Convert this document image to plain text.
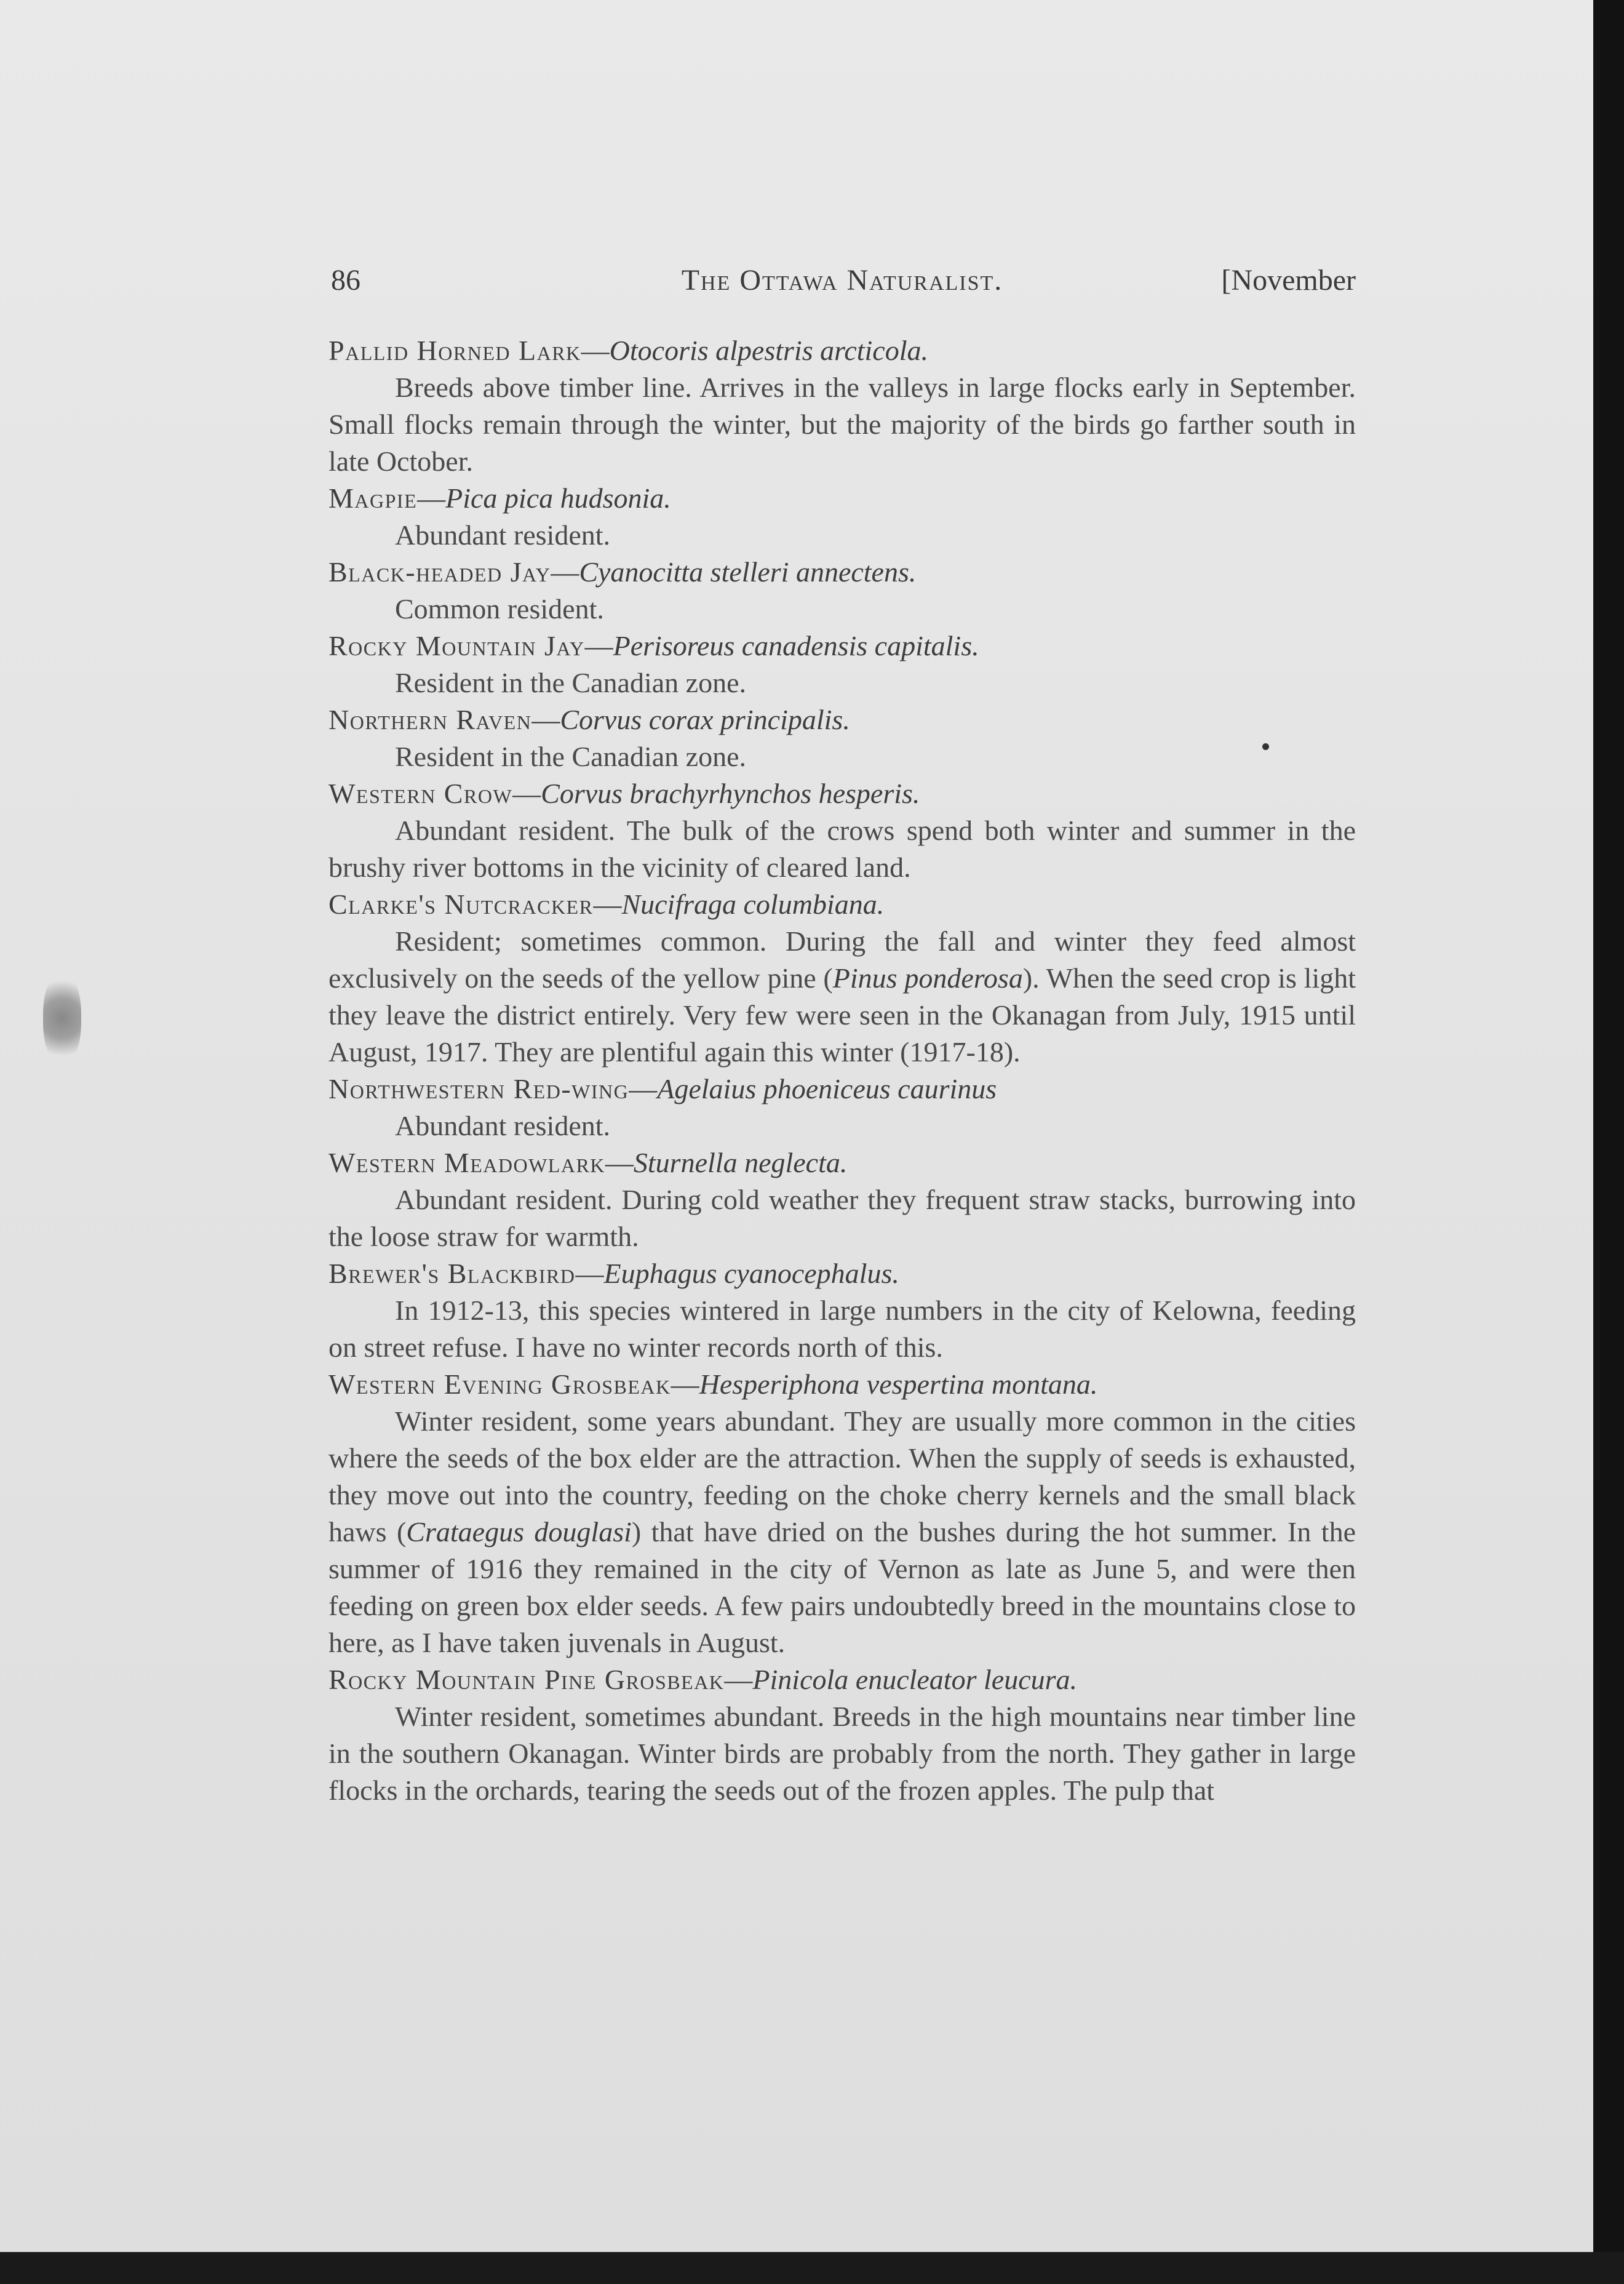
86	The Ottawa Naturalist.	[November

Pallid Horned Lark—Otocoris alpestris arcticola.

Breeds above timber line. Arrives in the valleys in large flocks early in September. Small flocks remain through the winter, but the majority of the birds go farther south in late October.

Magpie—Pica pica hudsonia.

Abundant resident.

Black-headed Jay—Cyanocitta stelleri annectens.

Common resident.

Rocky Mountain Jay—Perisoreus canadensis capitalis.

Resident in the Canadian zone.

Northern Raven—Corvus corax principalis.

Resident in the Canadian zone.

Western Crow—Corvus brachyrhynchos hesperis.

Abundant resident. The bulk of the crows spend both winter and summer in the brushy river bottoms in the vicinity of cleared land.

Clarke's Nutcracker—Nucifraga columbiana.

Resident; sometimes common. During the fall and winter they feed almost exclusively on the seeds of the yellow pine (Pinus ponderosa). When the seed crop is light they leave the district entirely. Very few were seen in the Okanagan from July, 1915 until August, 1917. They are plentiful again this winter (1917-18).

Northwestern Red-wing—Agelaius phoeniceus caurinus

Abundant resident.

Western Meadowlark—Sturnella neglecta.

Abundant resident. During cold weather they frequent straw stacks, burrowing into the loose straw for warmth.

Brewer's Blackbird—Euphagus cyanocephalus.

In 1912-13, this species wintered in large numbers in the city of Kelowna, feeding on street refuse. I have no winter records north of this.

Western Evening Grosbeak—Hesperiphona vespertina montana.

Winter resident, some years abundant. They are usually more common in the cities where the seeds of the box elder are the attraction. When the supply of seeds is exhausted, they move out into the country, feeding on the choke cherry kernels and the small black haws (Crataegus douglasi) that have dried on the bushes during the hot summer. In the summer of 1916 they remained in the city of Vernon as late as June 5, and were then feeding on green box elder seeds. A few pairs undoubtedly breed in the mountains close to here, as I have taken juvenals in August.

Rocky Mountain Pine Grosbeak—Pinicola enucleator leucura.

Winter resident, sometimes abundant. Breeds in the high mountains near timber line in the southern Okanagan. Winter birds are probably from the north. They gather in large flocks in the orchards, tearing the seeds out of the frozen apples. The pulp that
